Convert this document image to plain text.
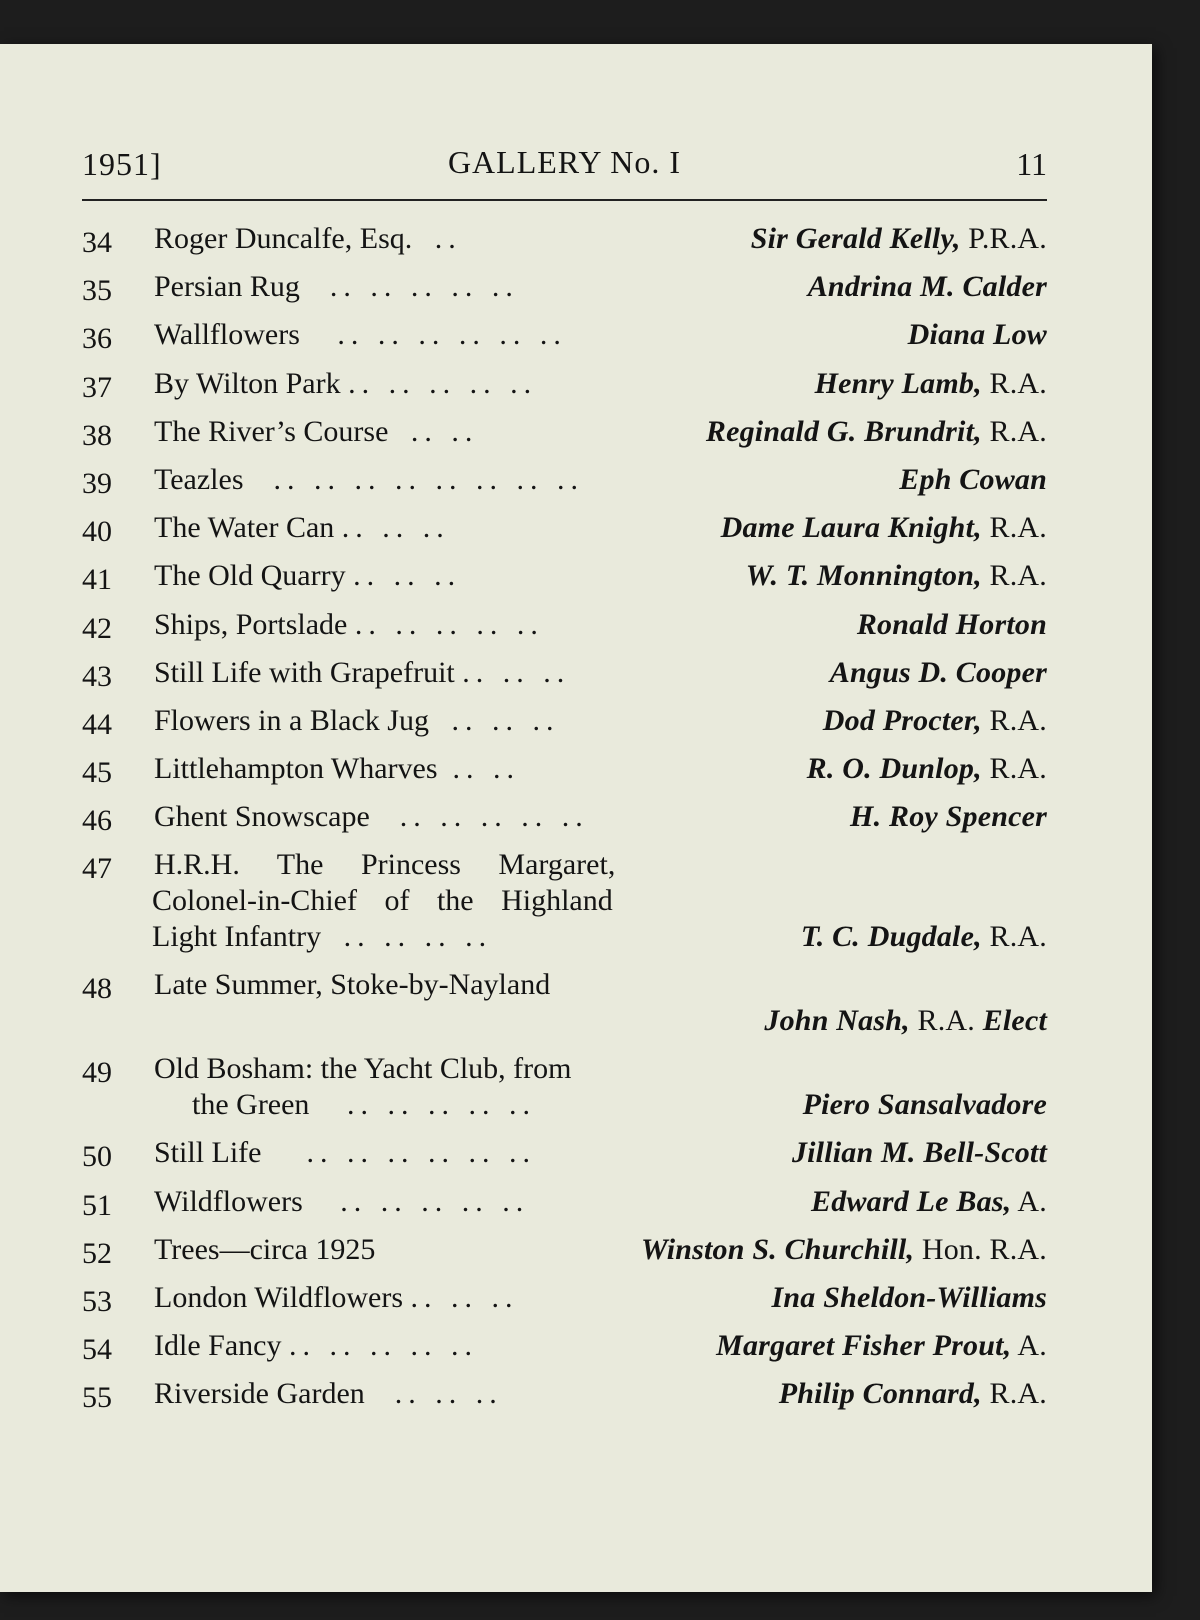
1951]	GALLERY No. I	11
34 Roger Duncalfe, Esq. ..	Sir Gerald Kelly, P.R.A.
35 Persian Rug .. .. .. .. ..	Andrina M. Calder
36 Wallflowers .. .. .. .. .. ..	Diana Low
37 By Wilton Park .. .. .. .. ..	Henry Lamb, R.A.
38 The River’s Course .. ..	Reginald G. Brundrit, R.A.
39 Teazles .. .. .. .. .. .. .. ..	Eph Cowan
40 The Water Can .. .. ..	Dame Laura Knight, R.A.
41 The Old Quarry .. .. ..	W. T. Monnington, R.A.
42 Ships, Portslade .. .. .. .. ..	Ronald Horton
43 Still Life with Grapefruit .. .. ..	Angus D. Cooper
44 Flowers in a Black Jug .. .. ..	Dod Procter, R.A.
45 Littlehampton Wharves .. ..	R. O. Dunlop, R.A.
46 Ghent Snowscape .. .. .. .. ..	H. Roy Spencer
47 H.R.H. The Princess Margaret,
Colonel-in-Chief of the Highland
Light Infantry .. .. .. ..	T. C. Dugdale, R.A.
48 Late Summer, Stoke-by-Nayland
John Nash, R.A. Elect
49 Old Bosham: the Yacht Club, from
the Green .. .. .. .. ..	Piero Sansalvadore
50 Still Life .. .. .. .. .. ..	Jillian M. Bell-Scott
51 Wildflowers .. .. .. .. ..	Edward Le Bas, A.
52 Trees—circa 1925	Winston S. Churchill, Hon. R.A.
53 London Wildflowers .. .. ..	Ina Sheldon-Williams
54 Idle Fancy .. .. .. .. ..	Margaret Fisher Prout, A.
55 Riverside Garden .. .. ..	Philip Connard, R.A.
